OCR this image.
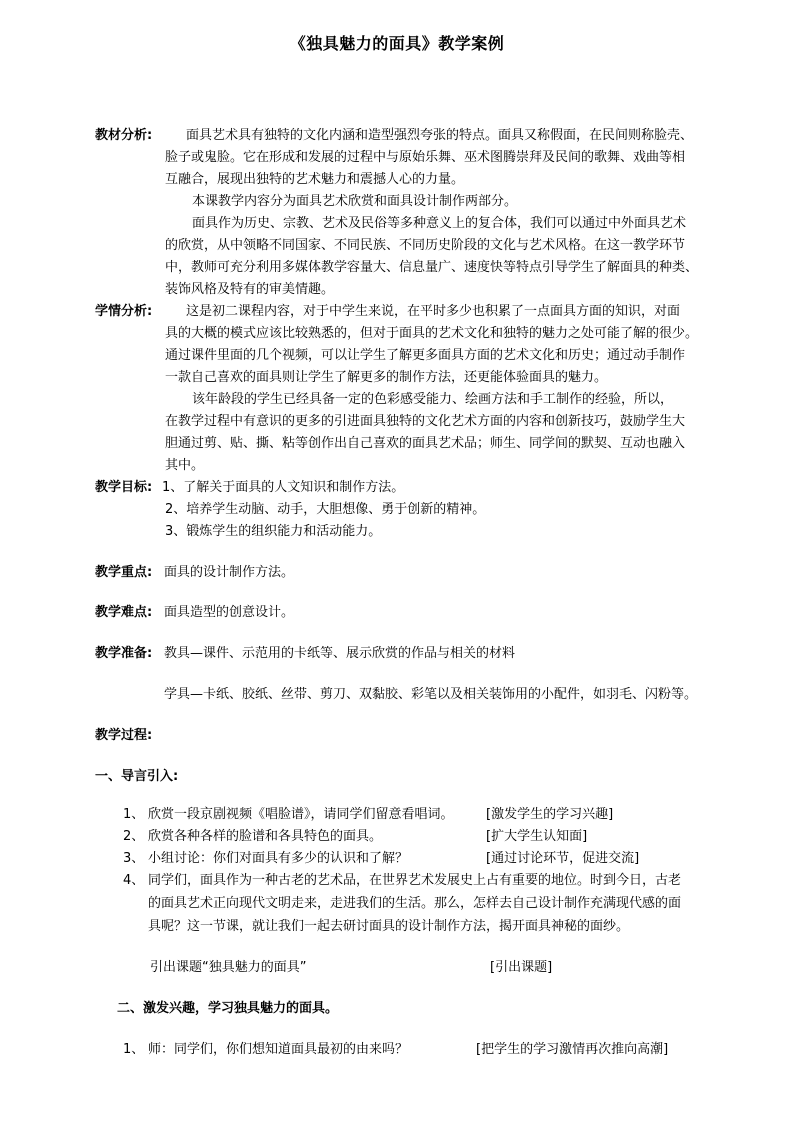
《独具魅力的面具》教学案例
教材分析:	面具艺术具有独特的文化内涵和造型强烈夸张的特点。面具又称假面，在民间则称脸壳、
脸子或鬼脸。它在形成和发展的过程中与原始乐舞、巫术图腾崇拜及民间的歌舞、戏曲等相
互融合，展现出独特的艺术魅力和震撼人心的力量。
本课教学内容分为面具艺术欣赏和面具设计制作两部分。
面具作为历史、宗教、艺术及民俗等多种意义上的复合体，我们可以通过中外面具艺术
的欣赏，从中领略不同国家、不同民族、不同历史阶段的文化与艺术风格。在这一教学环节
中，教师可充分利用多媒体教学容量大、信息量广、速度快等特点引导学生了解面具的种类、
装饰风格及特有的审美情趣。
学情分析:	这是初二课程内容，对于中学生来说，在平时多少也积累了一点面具方面的知识，对面
具的大概的模式应该比较熟悉的，但对于面具的艺术文化和独特的魅力之处可能了解的很少。
通过课件里面的几个视频，可以让学生了解更多面具方面的艺术文化和历史；通过动手制作
一款自己喜欢的面具则让学生了解更多的制作方法，还更能体验面具的魅力。
该年龄段的学生已经具备一定的色彩感受能力、绘画方法和手工制作的经验，所以，
在教学过程中有意识的更多的引进面具独特的文化艺术方面的内容和创新技巧，鼓励学生大
胆通过剪、贴、撕、粘等创作出自己喜欢的面具艺术品；师生、同学间的默契、互动也融入
其中。
教学目标: 1、了解关于面具的人文知识和制作方法。
2、培养学生动脑、动手，大胆想像、勇于创新的精神。
3、锻炼学生的组织能力和活动能力。
教学重点: 面具的设计制作方法。
教学难点: 面具造型的创意设计。
教学准备: 教具—课件、示范用的卡纸等、展示欣赏的作品与相关的材料
学具—卡纸、胶纸、丝带、剪刀、双黏胶、彩笔以及相关装饰用的小配件，如羽毛、闪粉等。
教学过程:
一、导言引入:
1、 欣赏一段京剧视频《唱脸谱》，请同学们留意看唱词。 [激发学生的学习兴趣]
2、 欣赏各种各样的脸谱和各具特色的面具。	[扩大学生认知面]
3、 小组讨论：你们对面具有多少的认识和了解？	[通过讨论环节，促进交流]
4、 同学们，面具作为一种古老的艺术品，在世界艺术发展史上占有重要的地位。时到今日，古老
的面具艺术正向现代文明走来，走进我们的生活。那么，怎样去自己设计制作充满现代感的面
具呢？这一节课，就让我们一起去研讨面具的设计制作方法，揭开面具神秘的面纱。
引出课题“独具魅力的面具”	[引出课题]
二、激发兴趣，学习独具魅力的面具。
1、 师：同学们，你们想知道面具最初的由来吗？	[把学生的学习激情再次推向高潮]
